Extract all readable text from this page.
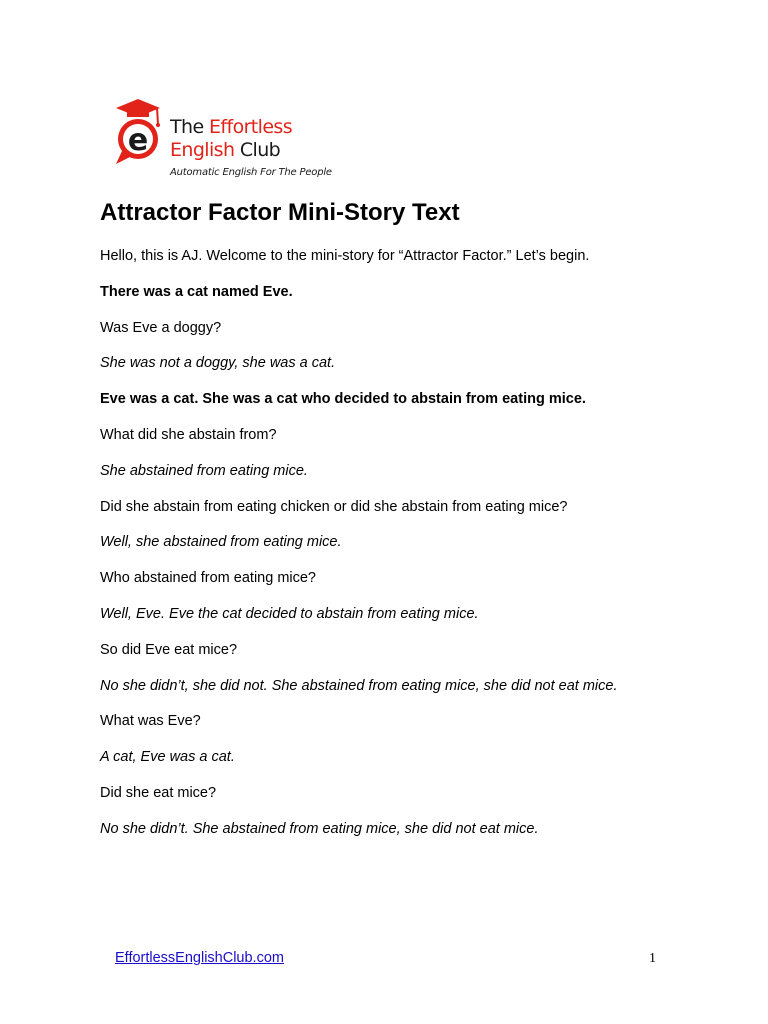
e The Effortless
English Club
Automatic English For The People
Attractor Factor Mini-Story Text

Hello, this is AJ. Welcome to the mini-story for “Attractor Factor.” Let’s begin.

There was a cat named Eve.

Was Eve a doggy?

She was not a doggy, she was a cat.

Eve was a cat. She was a cat who decided to abstain from eating mice.

What did she abstain from?

She abstained from eating mice.

Did she abstain from eating chicken or did she abstain from eating mice?

Well, she abstained from eating mice.

Who abstained from eating mice?

Well, Eve. Eve the cat decided to abstain from eating mice.

So did Eve eat mice?

No she didn’t, she did not. She abstained from eating mice, she did not eat mice.

What was Eve?

A cat, Eve was a cat.

Did she eat mice?

No she didn’t. She abstained from eating mice, she did not eat mice.

EffortlessEnglishClub.com	1
